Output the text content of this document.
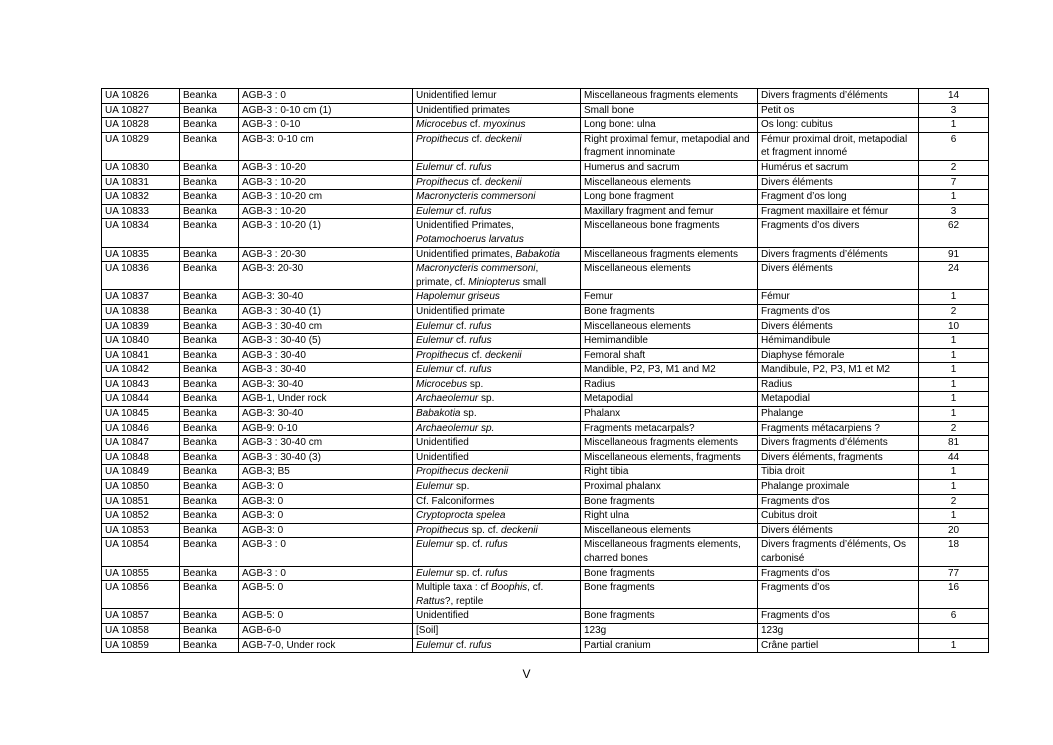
UA 10826	Beanka	AGB-3 : 0	Unidentified lemur	Miscellaneous fragments elements	Divers fragments d’éléments	14
UA 10827	Beanka	AGB-3 : 0-10 cm (1)	Unidentified primates	Small bone	Petit os	3
UA 10828	Beanka	AGB-3 : 0-10	Microcebus cf. myoxinus	Long bone: ulna	Os long: cubitus	1
UA 10829	Beanka	AGB-3: 0-10 cm	Propithecus cf. deckenii	Right proximal femur, metapodial and fragment innominate	Fémur proximal droit, metapodial et fragment innomé	6
UA 10830	Beanka	AGB-3 : 10-20	Eulemur cf. rufus	Humerus and sacrum	Humérus et sacrum	2
UA 10831	Beanka	AGB-3 : 10-20	Propithecus cf. deckenii	Miscellaneous elements	Divers éléments	7
UA 10832	Beanka	AGB-3 : 10-20 cm	Macronycteris commersoni	Long bone fragment	Fragment d’os long	1
UA 10833	Beanka	AGB-3 : 10-20	Eulemur cf. rufus	Maxillary fragment and femur	Fragment maxillaire et fémur	3
UA 10834	Beanka	AGB-3 : 10-20 (1)	Unidentified Primates, Potamochoerus larvatus	Miscellaneous bone fragments	Fragments d’os divers	62
UA 10835	Beanka	AGB-3 : 20-30	Unidentified primates, Babakotia	Miscellaneous fragments elements	Divers fragments d’éléments	91
UA 10836	Beanka	AGB-3: 20-30	Macronycteris commersoni, primate, cf. Miniopterus small	Miscellaneous elements	Divers éléments	24
UA 10837	Beanka	AGB-3: 30-40	Hapolemur griseus	Femur	Fémur	1
UA 10838	Beanka	AGB-3 : 30-40 (1)	Unidentified primate	Bone fragments	Fragments d’os	2
UA 10839	Beanka	AGB-3 : 30-40 cm	Eulemur cf. rufus	Miscellaneous elements	Divers éléments	10
UA 10840	Beanka	AGB-3 : 30-40 (5)	Eulemur cf. rufus	Hemimandible	Hémimandibule	1
UA 10841	Beanka	AGB-3 : 30-40	Propithecus cf. deckenii	Femoral shaft	Diaphyse fémorale	1
UA 10842	Beanka	AGB-3 : 30-40	Eulemur cf. rufus	Mandible, P2, P3, M1 and M2	Mandibule, P2, P3, M1 et M2	1
UA 10843	Beanka	AGB-3: 30-40	Microcebus sp.	Radius	Radius	1
UA 10844	Beanka	AGB-1, Under rock	Archaeolemur sp.	Metapodial	Metapodial	1
UA 10845	Beanka	AGB-3: 30-40	Babakotia sp.	Phalanx	Phalange	1
UA 10846	Beanka	AGB-9: 0-10	Archaeolemur sp.	Fragments metacarpals?	Fragments métacarpiens ?	2
UA 10847	Beanka	AGB-3 : 30-40 cm	Unidentified	Miscellaneous fragments elements	Divers fragments d’éléments	81
UA 10848	Beanka	AGB-3 : 30-40 (3)	Unidentified	Miscellaneous elements, fragments	Divers éléments, fragments	44
UA 10849	Beanka	AGB-3; B5	Propithecus deckenii	Right tibia	Tibia droit	1
UA 10850	Beanka	AGB-3: 0	Eulemur sp.	Proximal phalanx	Phalange proximale	1
UA 10851	Beanka	AGB-3: 0	Cf. Falconiformes	Bone fragments	Fragments d'os	2
UA 10852	Beanka	AGB-3: 0	Cryptoprocta spelea	Right ulna	Cubitus droit	1
UA 10853	Beanka	AGB-3: 0	Propithecus sp. cf. deckenii	Miscellaneous elements	Divers éléments	20
UA 10854	Beanka	AGB-3 : 0	Eulemur sp. cf. rufus	Miscellaneous fragments elements, charred bones	Divers fragments d’éléments, Os carbonisé	18
UA 10855	Beanka	AGB-3 : 0	Eulemur sp. cf. rufus	Bone fragments	Fragments d’os	77
UA 10856	Beanka	AGB-5: 0	Multiple taxa : cf Boophis, cf. Rattus?, reptile	Bone fragments	Fragments d’os	16
UA 10857	Beanka	AGB-5: 0	Unidentified	Bone fragments	Fragments d’os	6
UA 10858	Beanka	AGB-6-0	[Soil]	123g	123g	
UA 10859	Beanka	AGB-7-0, Under rock	Eulemur cf. rufus	Partial cranium	Crâne partiel	1
V
